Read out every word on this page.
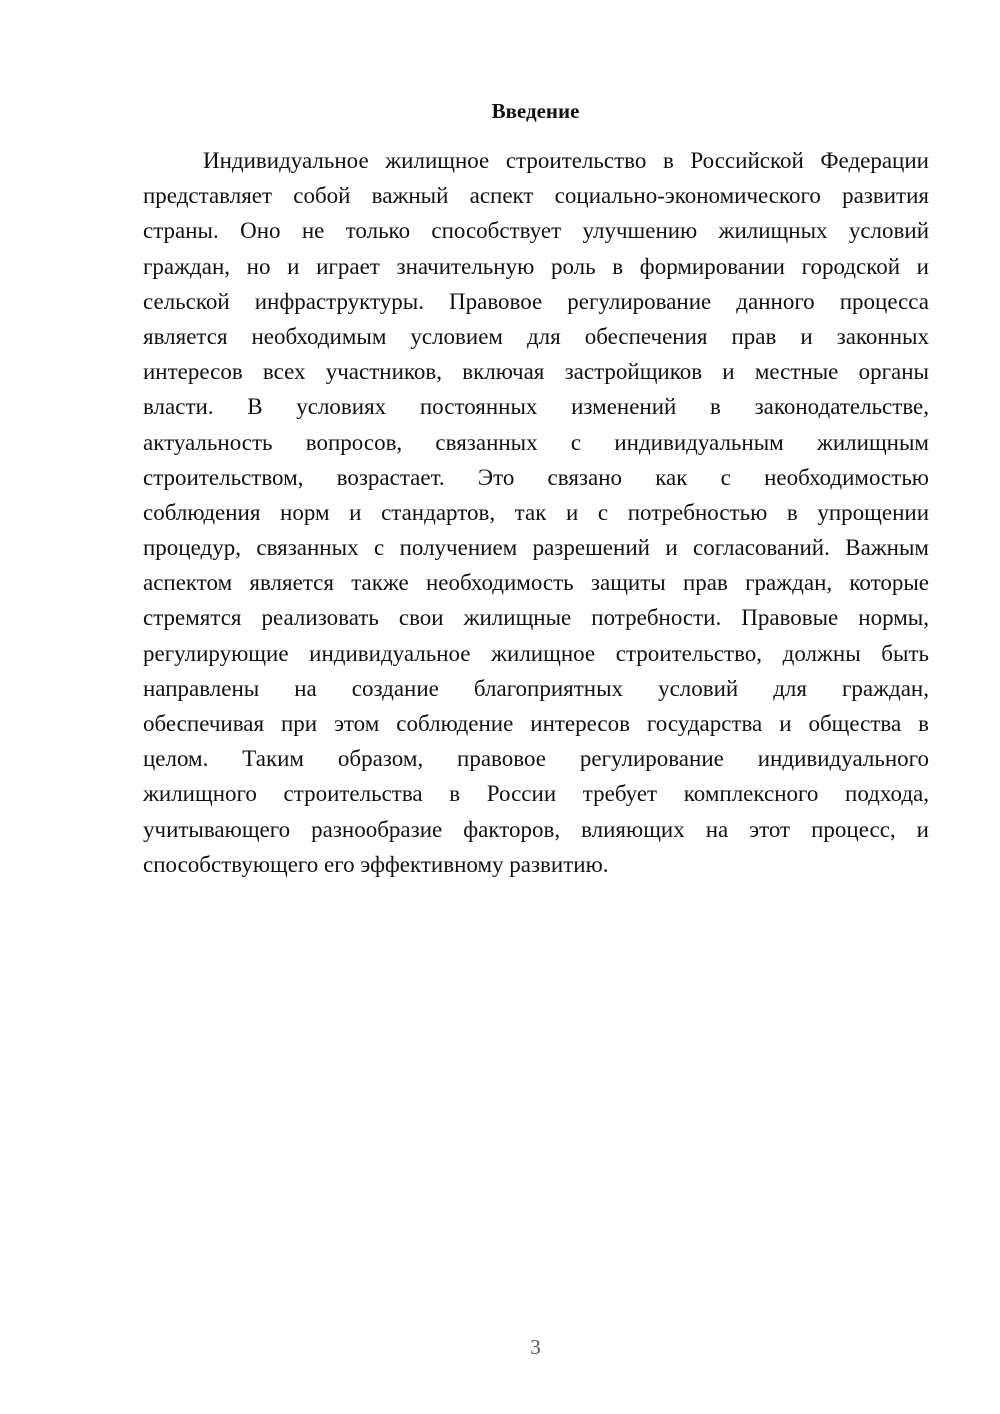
Введение
Индивидуальное жилищное строительство в Российской Федерации
представляет собой важный аспект социально-экономического развития
страны. Оно не только способствует улучшению жилищных условий
граждан, но и играет значительную роль в формировании городской и
сельской инфраструктуры. Правовое регулирование данного процесса
является необходимым условием для обеспечения прав и законных
интересов всех участников, включая застройщиков и местные органы
власти. В условиях постоянных изменений в законодательстве,
актуальность вопросов, связанных с индивидуальным жилищным
строительством, возрастает. Это связано как с необходимостью
соблюдения норм и стандартов, так и с потребностью в упрощении
процедур, связанных с получением разрешений и согласований. Важным
аспектом является также необходимость защиты прав граждан, которые
стремятся реализовать свои жилищные потребности. Правовые нормы,
регулирующие индивидуальное жилищное строительство, должны быть
направлены на создание благоприятных условий для граждан,
обеспечивая при этом соблюдение интересов государства и общества в
целом. Таким образом, правовое регулирование индивидуального
жилищного строительства в России требует комплексного подхода,
учитывающего разнообразие факторов, влияющих на этот процесс, и
способствующего его эффективному развитию.
3
